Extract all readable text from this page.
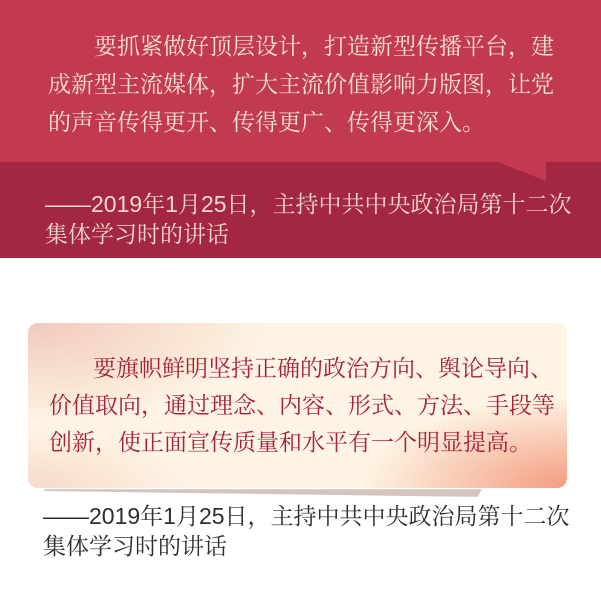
要抓紧做好顶层设计，打造新型传播平台，建
成新型主流媒体，扩大主流价值影响力版图，让党
的声音传得更开、传得更广、传得更深入。
——2019年1月25日，主持中共中央政治局第十二次
集体学习时的讲话
要旗帜鲜明坚持正确的政治方向、舆论导向、
价值取向，通过理念、内容、形式、方法、手段等
创新，使正面宣传质量和水平有一个明显提高。
——2019年1月25日，主持中共中央政治局第十二次
集体学习时的讲话
